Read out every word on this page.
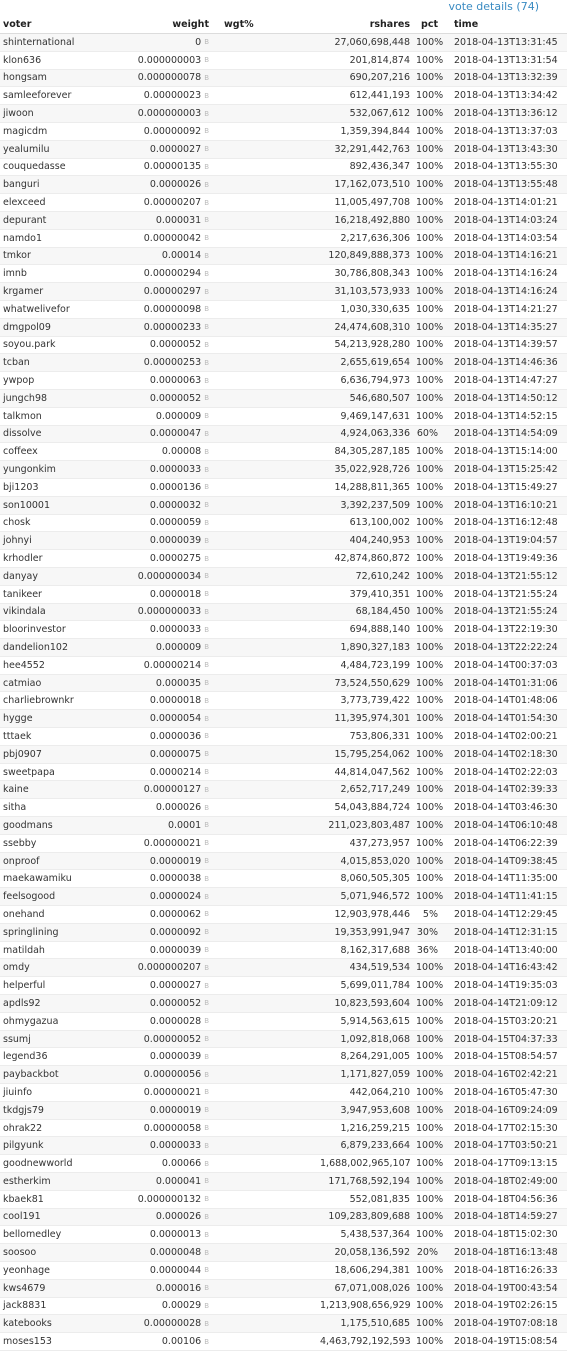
vote details (74)
voter	weight	wgt%	rshares	pct	time
shinternational	0 B		27,060,698,448	100%	2018-04-13T13:31:45
klon636	0.000000003 B		201,814,874	100%	2018-04-13T13:31:54
hongsam	0.000000078 B		690,207,216	100%	2018-04-13T13:32:39
samleeforever	0.00000023 B		612,441,193	100%	2018-04-13T13:34:42
jiwoon	0.000000003 B		532,067,612	100%	2018-04-13T13:36:12
magicdm	0.00000092 B		1,359,394,844	100%	2018-04-13T13:37:03
yealumilu	0.0000027 B		32,291,442,763	100%	2018-04-13T13:43:30
couquedasse	0.00000135 B		892,436,347	100%	2018-04-13T13:55:30
banguri	0.0000026 B		17,162,073,510	100%	2018-04-13T13:55:48
elexceed	0.00000207 B		11,005,497,708	100%	2018-04-13T14:01:21
depurant	0.000031 B		16,218,492,880	100%	2018-04-13T14:03:24
namdo1	0.00000042 B		2,217,636,306	100%	2018-04-13T14:03:54
tmkor	0.00014 B		120,849,888,373	100%	2018-04-13T14:16:21
imnb	0.00000294 B		30,786,808,343	100%	2018-04-13T14:16:24
krgamer	0.00000297 B		31,103,573,933	100%	2018-04-13T14:16:24
whatwelivefor	0.00000098 B		1,030,330,635	100%	2018-04-13T14:21:27
dmgpol09	0.00000233 B		24,474,608,310	100%	2018-04-13T14:35:27
soyou.park	0.0000052 B		54,213,928,280	100%	2018-04-13T14:39:57
tcban	0.00000253 B		2,655,619,654	100%	2018-04-13T14:46:36
ywpop	0.0000063 B		6,636,794,973	100%	2018-04-13T14:47:27
jungch98	0.0000052 B		546,680,507	100%	2018-04-13T14:50:12
talkmon	0.000009 B		9,469,147,631	100%	2018-04-13T14:52:15
dissolve	0.0000047 B		4,924,063,336	60%	2018-04-13T14:54:09
coffeex	0.00008 B		84,305,287,185	100%	2018-04-13T15:14:00
yungonkim	0.0000033 B		35,022,928,726	100%	2018-04-13T15:25:42
bji1203	0.0000136 B		14,288,811,365	100%	2018-04-13T15:49:27
son10001	0.0000032 B		3,392,237,509	100%	2018-04-13T16:10:21
chosk	0.0000059 B		613,100,002	100%	2018-04-13T16:12:48
johnyi	0.0000039 B		404,240,953	100%	2018-04-13T19:04:57
krhodler	0.0000275 B		42,874,860,872	100%	2018-04-13T19:49:36
danyay	0.000000034 B		72,610,242	100%	2018-04-13T21:55:12
tanikeer	0.0000018 B		379,410,351	100%	2018-04-13T21:55:24
vikindala	0.000000033 B		68,184,450	100%	2018-04-13T21:55:24
bloorinvestor	0.0000033 B		694,888,140	100%	2018-04-13T22:19:30
dandelion102	0.000009 B		1,890,327,183	100%	2018-04-13T22:22:24
hee4552	0.00000214 B		4,484,723,199	100%	2018-04-14T00:37:03
catmiao	0.000035 B		73,524,550,629	100%	2018-04-14T01:31:06
charliebrownkr	0.0000018 B		3,773,739,422	100%	2018-04-14T01:48:06
hygge	0.0000054 B		11,395,974,301	100%	2018-04-14T01:54:30
tttaek	0.0000036 B		753,806,331	100%	2018-04-14T02:00:21
pbj0907	0.0000075 B		15,795,254,062	100%	2018-04-14T02:18:30
sweetpapa	0.0000214 B		44,814,047,562	100%	2018-04-14T02:22:03
kaine	0.00000127 B		2,652,717,249	100%	2018-04-14T02:39:33
sitha	0.000026 B		54,043,884,724	100%	2018-04-14T03:46:30
goodmans	0.0001 B		211,023,803,487	100%	2018-04-14T06:10:48
ssebby	0.00000021 B		437,273,957	100%	2018-04-14T06:22:39
onproof	0.0000019 B		4,015,853,020	100%	2018-04-14T09:38:45
maekawamiku	0.0000038 B		8,060,505,305	100%	2018-04-14T11:35:00
feelsogood	0.0000024 B		5,071,946,572	100%	2018-04-14T11:41:15
onehand	0.0000062 B		12,903,978,446	5%	2018-04-14T12:29:45
springlining	0.0000092 B		19,353,991,947	30%	2018-04-14T12:31:15
matildah	0.0000039 B		8,162,317,688	36%	2018-04-14T13:40:00
omdy	0.000000207 B		434,519,534	100%	2018-04-14T16:43:42
helperful	0.0000027 B		5,699,011,784	100%	2018-04-14T19:35:03
apdls92	0.0000052 B		10,823,593,604	100%	2018-04-14T21:09:12
ohmygazua	0.0000028 B		5,914,563,615	100%	2018-04-15T03:20:21
ssumj	0.00000052 B		1,092,818,068	100%	2018-04-15T04:37:33
legend36	0.0000039 B		8,264,291,005	100%	2018-04-15T08:54:57
paybackbot	0.00000056 B		1,171,827,059	100%	2018-04-16T02:42:21
jiuinfo	0.00000021 B		442,064,210	100%	2018-04-16T05:47:30
tkdgjs79	0.0000019 B		3,947,953,608	100%	2018-04-16T09:24:09
ohrak22	0.00000058 B		1,216,259,215	100%	2018-04-17T02:15:30
pilgyunk	0.0000033 B		6,879,233,664	100%	2018-04-17T03:50:21
goodnewworld	0.00066 B		1,688,002,965,107	100%	2018-04-17T09:13:15
estherkim	0.000041 B		171,768,592,194	100%	2018-04-18T02:49:00
kbaek81	0.000000132 B		552,081,835	100%	2018-04-18T04:56:36
cool191	0.000026 B		109,283,809,688	100%	2018-04-18T14:59:27
bellomedley	0.0000013 B		5,438,537,364	100%	2018-04-18T15:02:30
soosoo	0.0000048 B		20,058,136,592	20%	2018-04-18T16:13:48
yeonhage	0.0000044 B		18,606,294,381	100%	2018-04-18T16:26:33
kws4679	0.000016 B		67,071,008,026	100%	2018-04-19T00:43:54
jack8831	0.00029 B		1,213,908,656,929	100%	2018-04-19T02:26:15
katebooks	0.00000028 B		1,175,510,685	100%	2018-04-19T07:08:18
moses153	0.00106 B		4,463,792,192,593	100%	2018-04-19T15:08:54
